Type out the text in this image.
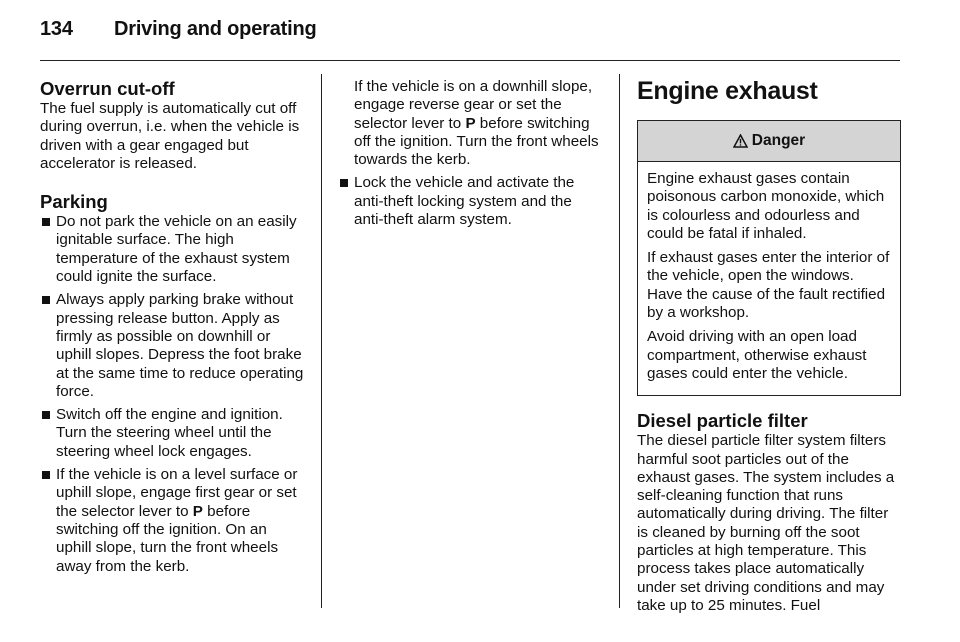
134 Driving and operating
Overrun cut-off

The fuel supply is automatically cut off during overrun, i.e. when the vehicle is driven with a gear engaged but accelerator is released.

Parking
Do not park the vehicle on an easily ignitable surface. The high temperature of the exhaust system could ignite the surface.
Always apply parking brake without pressing release button. Apply as firmly as possible on downhill or uphill slopes. Depress the foot brake at the same time to reduce operating force.
Switch off the engine and ignition. Turn the steering wheel until the steering wheel lock engages.
If the vehicle is on a level surface or uphill slope, engage first gear or set the selector lever to P before switching off the ignition. On an uphill slope, turn the front wheels away from the kerb.

If the vehicle is on a downhill slope, engage reverse gear or set the selector lever to P before switching off the ignition. Turn the front wheels towards the kerb.

Lock the vehicle and activate the anti-theft locking system and the anti-theft alarm system.
Engine exhaust
Danger

Engine exhaust gases contain poisonous carbon monoxide, which is colourless and odourless and could be fatal if inhaled.

If exhaust gases enter the interior of the vehicle, open the windows. Have the cause of the fault rectified by a workshop.

Avoid driving with an open load compartment, otherwise exhaust gases could enter the vehicle.

Diesel particle filter

The diesel particle filter system filters harmful soot particles out of the exhaust gases. The system includes a self-cleaning function that runs automatically during driving. The filter is cleaned by burning off the soot particles at high temperature. This process takes place automatically under set driving conditions and may take up to 25 minutes. Fuel
